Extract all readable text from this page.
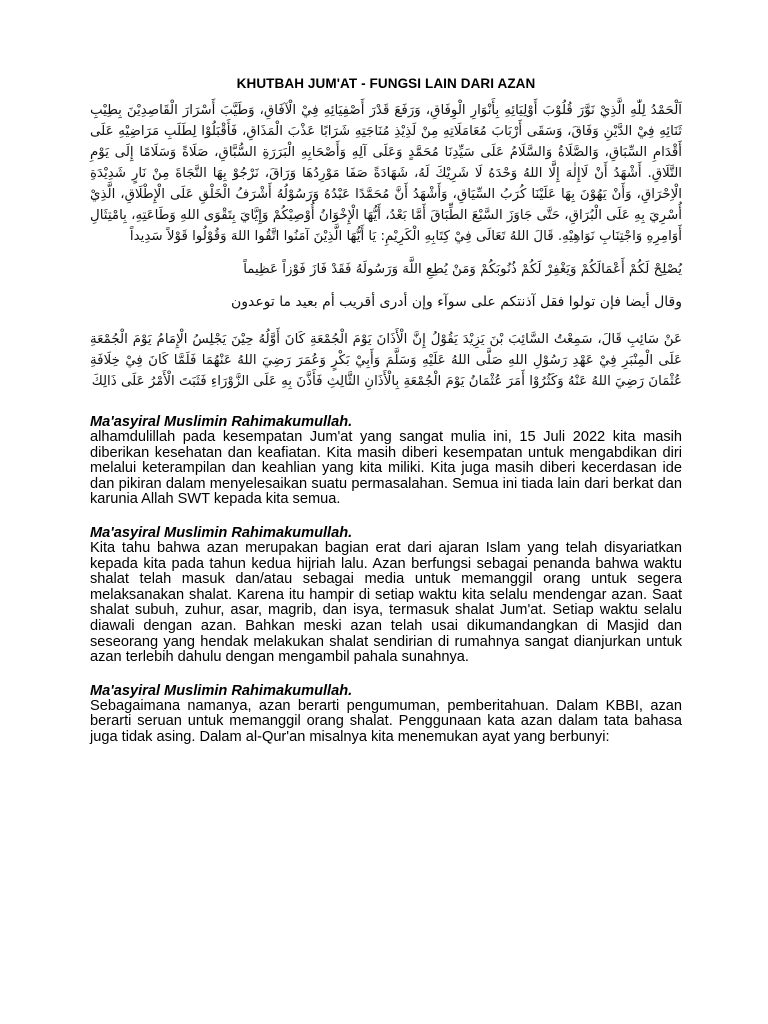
KHUTBAH JUM'AT - FUNGSI LAIN DARI AZAN

اَلْحَمْدُ لِلّٰهِ الَّذِيْ نَوَّرَ قُلُوْبَ أَوْلِيَائِهِ بِأَنْوَارِ الْوِفَاقِ، وَرَفَعَ قَدْرَ أَصْفِيَائِهِ فِيْ الْآفَاقِ، وَطَيَّبَ أَسْرَارَ الْقَاصِدِيْنَ بِطِيْبِ ثَنَائِهِ فِيْ الدَّيْنِ وَفَاقَ، وَسَقَى أَرْبَابَ مُعَامَلَاتِهِ مِنْ لَذِيْذِ مُنَاجَتِهِ شَرَابًا عَذْبَ الْمَذَاقِ، فَأَقْبَلُوْا لِطَلَبِ مَرَاضِيْهِ عَلَى أَقْدَامِ السِّبَاقِ، وَالصَّلَاةُ وَالسَّلَامُ عَلَى سَيِّدِنَا مُحَمَّدٍ وَعَلَى آلِهِ وَأَصْحَابِهِ الْبَرَرَةِ السُّبَّاقِ، صَلَاةً وَسَلَامًا إِلَى يَوْمِ التَّلَاقِ. أَشْهَدُ أَنْ لَاإِلٰهَ إِلَّا اللهُ وَحْدَهُ لَا شَرِيْكَ لَهُ، شَهَادَةً صَفَا مَوْرِدُهَا وَرَاقَ، نَرْجُوْ بِهَا النَّجَاةَ مِنْ نَارٍ شَدِيْدَةِ الْاِحْرَاقِ، وَأَنْ يَهُوْنَ بِهَا عَلَيْنَا كُرَبُ السِّيَاقِ، وَأَشْهَدُ أَنَّ مُحَمَّدًا عَبْدُهُ وَرَسُوْلُهُ أَشْرَفُ الْخَلْقِ عَلَى الْإِطْلَاقِ، الَّذِيْ أُسْرِيَ بِهِ عَلَى الْبُرَاقِ، حَتَّى جَاوَزَ السَّبْعَ الطِّبَاقَ أَمَّا بَعْدُ، أَيُّهَا الْإِخْوَانُ أُوْصِيْكُمْ وَإِيَّايَ بِتَقْوَى اللهِ وَطَاعَتِهِ، بِامْتِثَالِ أَوَامِرِهِ وَاجْتِنَابِ نَوَاهِيْهِ. قَالَ اللهُ تَعَالَى فِيْ كِتَابِهِ الْكَرِيْمِ: يَا أَيُّهَا الَّذِيْنَ آمَنُوا اتَّقُوا اللهَ وَقُوْلُوا قَوْلاً سَدِيداً

يُصْلِحْ لَكُمْ أَعْمَالَكُمْ وَيَغْفِرْ لَكُمْ ذُنُوبَكُمْ وَمَنْ يُطِعِ اللَّهَ وَرَسُولَهُ فَقَدْ فَازَ فَوْزاً عَظِيماً

وقال أيضا فإن تولوا فقل آذنتكم على سوآء وإن أدرى أقريب أم بعيد ما توعدون

عَنْ سَائِبِ قَالَ، سَمِعْتُ السَّائِبَ بْنَ يَزِيْدَ يَقُوْلُ إِنَّ الْأَذَانَ يَوْمَ الْجُمْعَةِ كَانَ أَوَّلُهُ حِيْنَ يَجْلِسُ الْإِمَامُ يَوْمَ الْجُمْعَةِ عَلَى الْمِنْبَرِ فِيْ عَهْدِ رَسُوْلِ اللهِ صَلَّى اللهُ عَلَيْهِ وَسَلَّمَ وَأَبِيْ بَكْرٍ وَعُمَرَ رَضِيَ اللهُ عَنْهُمَا فَلَمَّا كَانَ فِيْ خِلَافَةِ عُثْمَانَ رَضِيَ اللهُ عَنْهُ وَكَثُرُوْا أَمَرَ عُثْمَانُ يَوْمَ الْجُمْعَةِ بِالْأَذَانِ الثَّالِثِ فَأَذَّنَ بِهِ عَلَى الزَّوْرَاءِ فَثَبَتَ الْأَمْرُ عَلَى ذَالِكَ

Ma'asyiral Muslimin Rahimakumullah.

alhamdulillah pada kesempatan Jum'at yang sangat mulia ini, 15 Juli 2022 kita masih diberikan kesehatan dan keafiatan. Kita masih diberi kesempatan untuk mengabdikan diri melalui keterampilan dan keahlian yang kita miliki. Kita juga masih diberi kecerdasan ide dan pikiran dalam menyelesaikan suatu permasalahan. Semua ini tiada lain dari berkat dan karunia Allah SWT kepada kita semua.

Ma'asyiral Muslimin Rahimakumullah.

Kita tahu bahwa azan merupakan bagian erat dari ajaran Islam yang telah disyariatkan kepada kita pada tahun kedua hijriah lalu. Azan berfungsi sebagai penanda bahwa waktu shalat telah masuk dan/atau sebagai media untuk memanggil orang untuk segera melaksanakan shalat. Karena itu hampir di setiap waktu kita selalu mendengar azan. Saat shalat subuh, zuhur, asar, magrib, dan isya, termasuk shalat Jum'at. Setiap waktu selalu diawali dengan azan. Bahkan meski azan telah usai dikumandangkan di Masjid dan seseorang yang hendak melakukan shalat sendirian di rumahnya sangat dianjurkan untuk azan terlebih dahulu dengan mengambil pahala sunahnya.

Ma'asyiral Muslimin Rahimakumullah.

Sebagaimana namanya, azan berarti pengumuman, pemberitahuan. Dalam KBBI, azan berarti seruan untuk memanggil orang shalat. Penggunaan kata azan dalam tata bahasa juga tidak asing. Dalam al-Qur'an misalnya kita menemukan ayat yang berbunyi:
